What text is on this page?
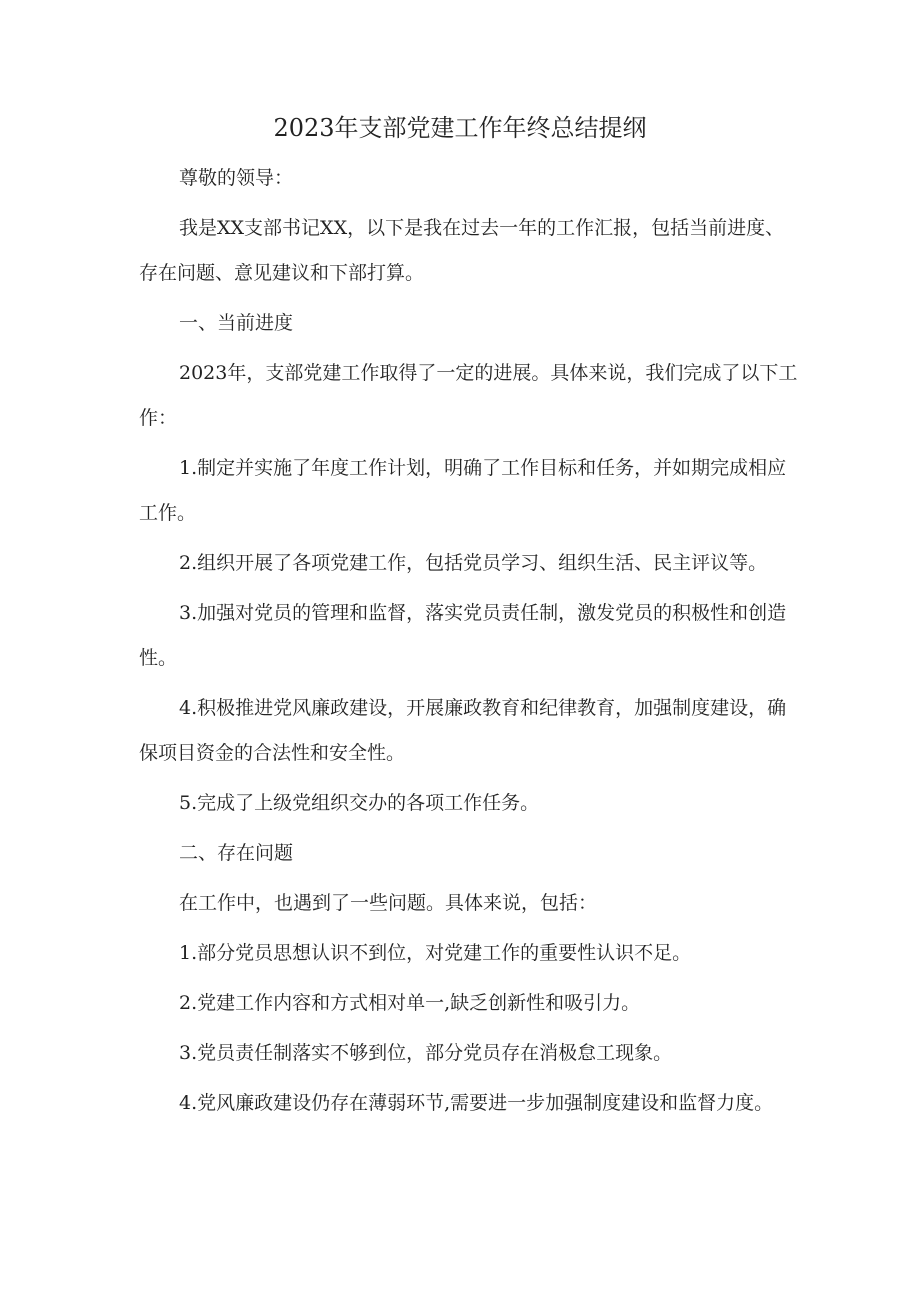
2023年支部党建工作年终总结提纲

尊敬的领导：

我是XX支部书记XX，以下是我在过去一年的工作汇报，包括当前进度、存在问题、意见建议和下部打算。

一、当前进度

2023年，支部党建工作取得了一定的进展。具体来说，我们完成了以下工作：

1.制定并实施了年度工作计划，明确了工作目标和任务，并如期完成相应工作。

2.组织开展了各项党建工作，包括党员学习、组织生活、民主评议等。

3.加强对党员的管理和监督，落实党员责任制，激发党员的积极性和创造性。

4.积极推进党风廉政建设，开展廉政教育和纪律教育，加强制度建设，确保项目资金的合法性和安全性。

5.完成了上级党组织交办的各项工作任务。

二、存在问题

在工作中，也遇到了一些问题。具体来说，包括：

1.部分党员思想认识不到位，对党建工作的重要性认识不足。

2.党建工作内容和方式相对单一,缺乏创新性和吸引力。

3.党员责任制落实不够到位，部分党员存在消极怠工现象。

4.党风廉政建设仍存在薄弱环节,需要进一步加强制度建设和监督力度。
